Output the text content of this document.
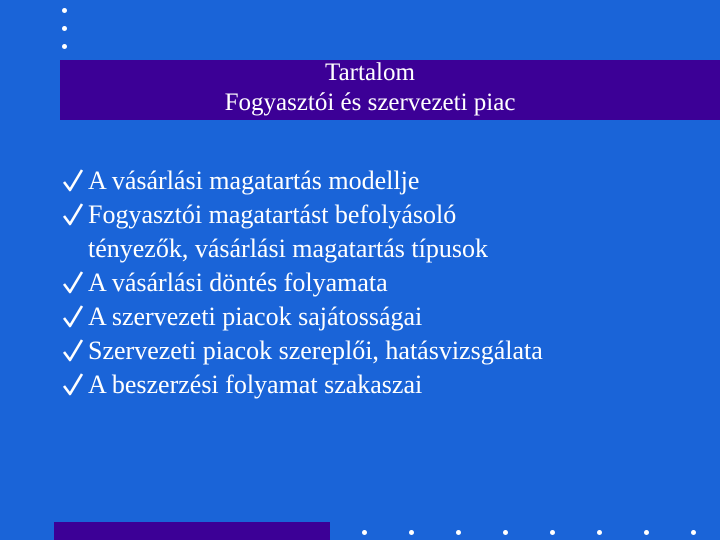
Tartalom
Fogyasztói és szervezeti piac
A vásárlási magatartás modellje
Fogyasztói magatartást befolyásoló
tényezők, vásárlási magatartás típusok
A vásárlási döntés folyamata
A szervezeti piacok sajátosságai
Szervezeti piacok szereplői, hatásvizsgálata
A beszerzési folyamat szakaszai
